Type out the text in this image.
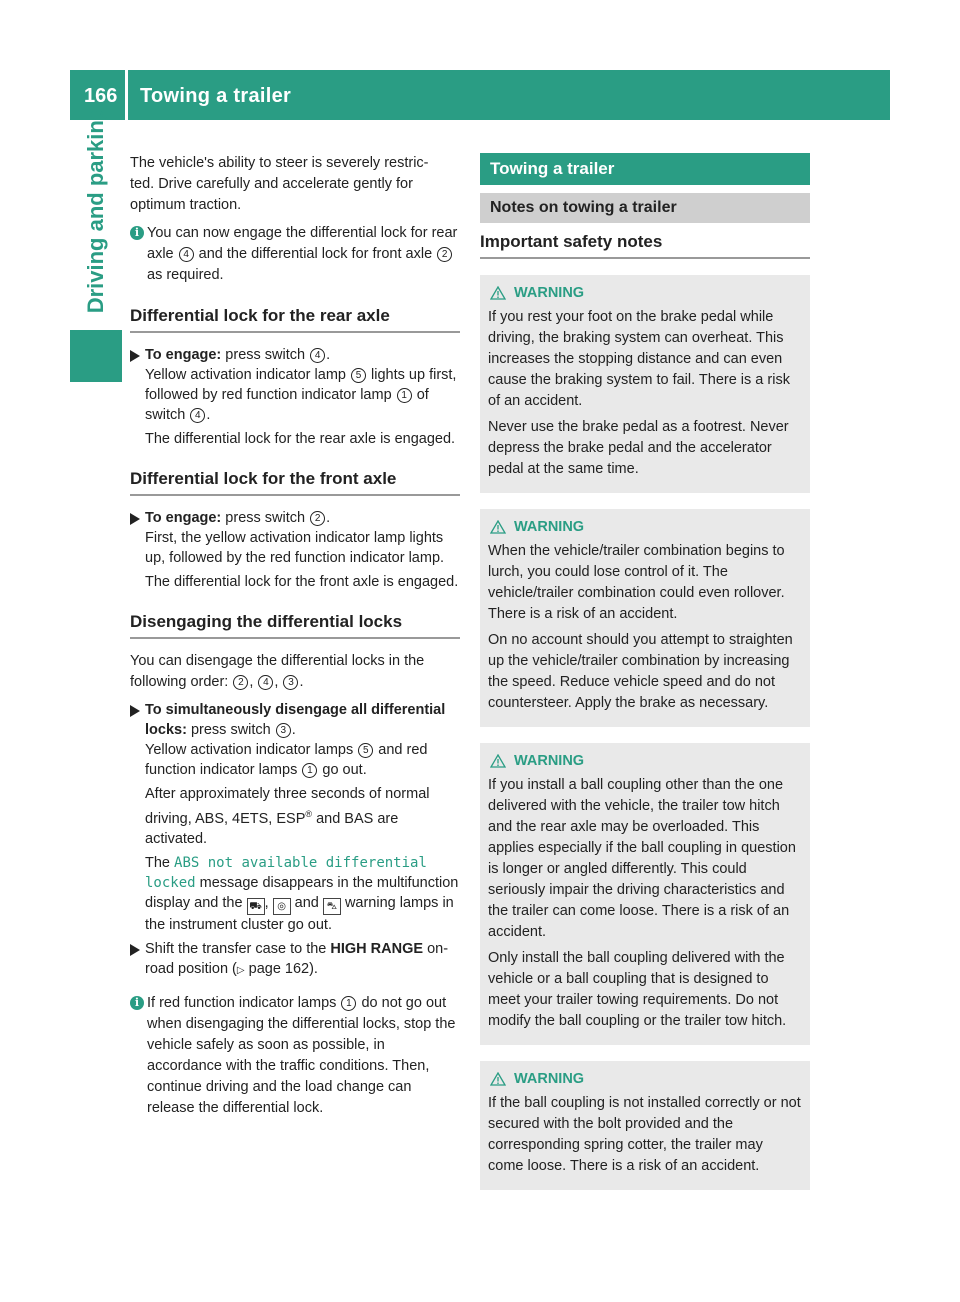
166 Towing a trailer
Driving and parking The vehicle's ability to steer is severely restric-
ted. Drive carefully and accelerate gently for
optimum traction.

i You can now engage the differential lock for rear axle 4 and the differential lock for front axle 2 as required.
Differential lock for the rear axle
To engage: press switch 4 .
Yellow activation indicator lamp 5 lights up first, followed by red function indicator lamp 1 of switch 4 .
The differential lock for the rear axle is engaged.
Differential lock for the front axle
To engage: press switch 2 .
First, the yellow activation indicator lamp lights up, followed by the red function indicator lamp.
The differential lock for the front axle is engaged.
Disengaging the differential locks

You can disengage the differential locks in the following order: 2 , 4 , 3 .

To simultaneously disengage all differential locks: press switch 3 .
Yellow activation indicator lamps 5 and red function indicator lamps 1 go out.
After approximately three seconds of normal driving, ABS, 4ETS, ESP® and BAS are activated.
The ABS not available differential locked message disappears in the multifunction display and the ⛟ , ◎ and ⛍ warning lamps in the instrument cluster go out.
Shift the transfer case to the HIGH RANGE on-road position (▷ page 162).
i If red function indicator lamps 1 do not go out when disengaging the differential locks, stop the vehicle safely as soon as possible, in accordance with the traffic conditions. Then, continue driving and the load change can release the differential lock.
Towing a trailer
Notes on towing a trailer
Important safety notes
WARNING

If you rest your foot on the brake pedal while driving, the braking system can overheat. This increases the stopping distance and can even cause the braking system to fail. There is a risk of an accident.

Never use the brake pedal as a footrest. Never depress the brake pedal and the accelerator pedal at the same time.

WARNING

When the vehicle/trailer combination begins to lurch, you could lose control of it. The vehicle/trailer combination could even rollover. There is a risk of an accident.

On no account should you attempt to straighten up the vehicle/trailer combination by increasing the speed. Reduce vehicle speed and do not countersteer. Apply the brake as necessary.

WARNING

If you install a ball coupling other than the one delivered with the vehicle, the trailer tow hitch and the rear axle may be overloaded. This applies especially if the ball coupling in question is longer or angled differently. This could seriously impair the driving characteristics and the trailer can come loose. There is a risk of an accident.

Only install the ball coupling delivered with the vehicle or a ball coupling that is designed to meet your trailer towing requirements. Do not modify the ball coupling or the trailer tow hitch.

WARNING

If the ball coupling is not installed correctly or not secured with the bolt provided and the corresponding spring cotter, the trailer may come loose. There is a risk of an accident.
